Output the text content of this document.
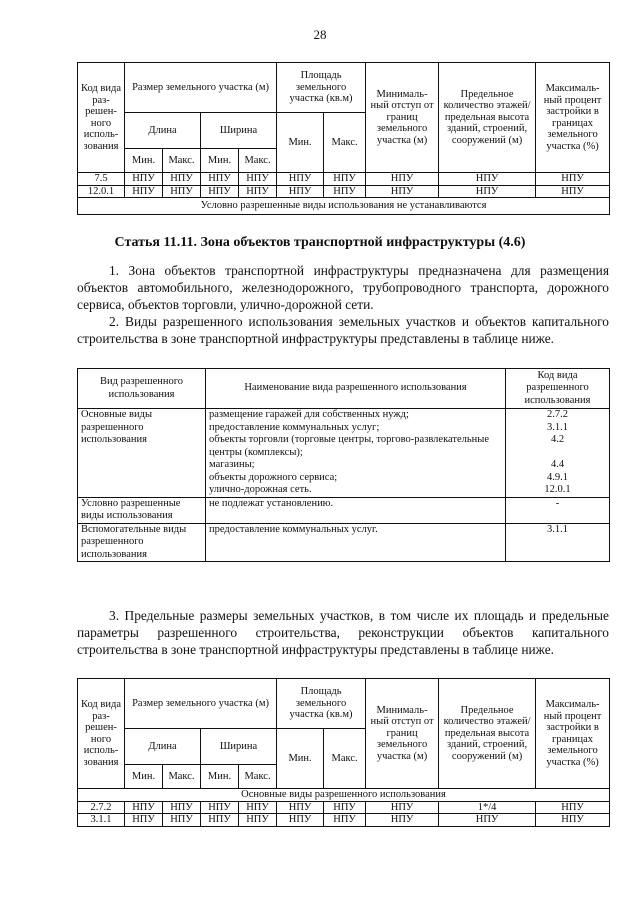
28
Код вида раз-решен-ного исполь-зования	Размер земельного участка (м)				Площадь земельного участка (кв.м)		Минималь-ный отступ от границ земельного участка (м)	Предельное количество этажей/ предельная высота зданий, строений, сооружений (м)	Максималь-ный процент застройки в границах земельного участка (%)
	Длина		Ширина		Мин.	Макс.			
	Мин.	Макс.	Мин.	Макс.					
7.5	НПУ	НПУ	НПУ	НПУ	НПУ	НПУ	НПУ	НПУ	НПУ
12.0.1	НПУ	НПУ	НПУ	НПУ	НПУ	НПУ	НПУ	НПУ	НПУ
Условно разрешенные виды использования не устанавливаются									
Статья 11.11. Зона объектов транспортной инфраструктуры (4.6)

1. Зона объектов транспортной инфраструктуры предназначена для размещения объектов автомобильного, железнодорожного, трубопроводного транспорта, дорожного сервиса, объектов торговли, улично-дорожной сети.

2. Виды разрешенного использования земельных участков и объектов капитального строительства в зоне транспортной инфраструктуры представлены в таблице ниже.

Вид разрешенного использования	Наименование вида разрешенного использования	Код вида разрешенного использования
Основные виды разрешенного использования	размещение гаражей для собственных нужд;	2.7.2
	предоставление коммунальных услуг;	3.1.1
	объекты торговли (торговые центры, торгово-развлекательные центры (комплексы);	4.2
	магазины;	4.4
	объекты дорожного сервиса;	4.9.1
	улично-дорожная сеть.	12.0.1
Условно разрешенные виды использования	не подлежат установлению.	-
Вспомогательные виды разрешенного использования	предоставление коммунальных услуг.	3.1.1

3. Предельные размеры земельных участков, в том числе их площадь и предельные параметры разрешенного строительства, реконструкции объектов капитального строительства в зоне транспортной инфраструктуры представлены в таблице ниже.

Код вида раз-решен-ного исполь-зования	Размер земельного участка (м)				Площадь земельного участка (кв.м)		Минималь-ный отступ от границ земельного участка (м)	Предельное количество этажей/ предельная высота зданий, строений, сооружений (м)	Максималь-ный процент застройки в границах земельного участка (%)
	Длина		Ширина		Мин.	Макс.			
	Мин.	Макс.	Мин.	Макс.					
Основные виды разрешенного использования									
2.7.2	НПУ	НПУ	НПУ	НПУ	НПУ	НПУ	НПУ	1*/4	НПУ
3.1.1	НПУ	НПУ	НПУ	НПУ	НПУ	НПУ	НПУ	НПУ	НПУ
